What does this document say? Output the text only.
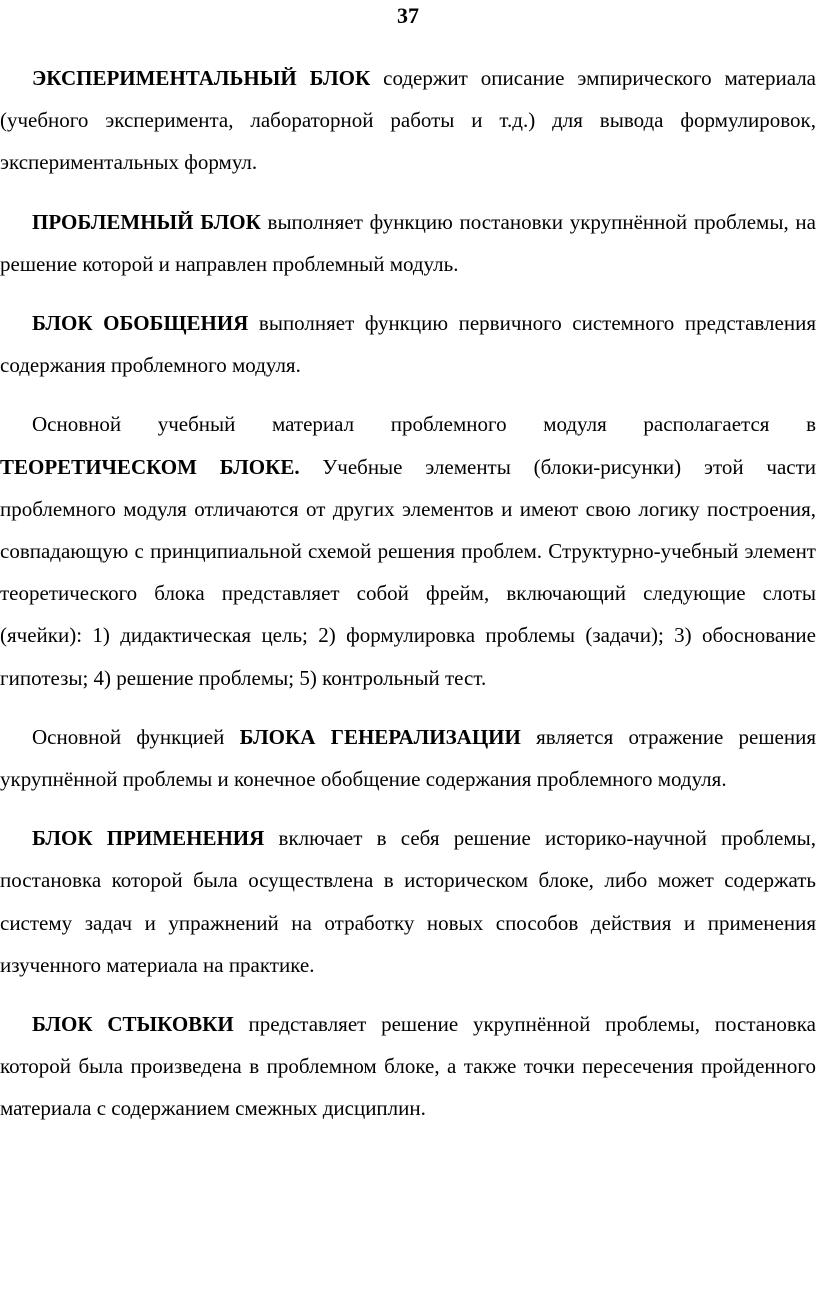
37

ЭКСПЕРИМЕНТАЛЬНЫЙ БЛОК содержит описание эмпирического материала (учебного эксперимента, лабораторной работы и т.д.) для вывода формулировок, экспериментальных формул.

ПРОБЛЕМНЫЙ БЛОК выполняет функцию постановки укрупнённой проблемы, на решение которой и направлен проблемный модуль.

БЛОК ОБОБЩЕНИЯ выполняет функцию первичного системного представления содержания проблемного модуля.

Основной учебный материал проблемного модуля располагается в ТЕОРЕТИЧЕСКОМ БЛОКЕ. Учебные элементы (блоки-рисунки) этой части проблемного модуля отличаются от других элементов и имеют свою логику построения, совпадающую с принципиальной схемой решения проблем. Структурно-учебный элемент теоретического блока представляет собой фрейм, включающий следующие слоты (ячейки): 1) дидактическая цель; 2) формулировка проблемы (задачи); 3) обоснование гипотезы; 4) решение проблемы; 5) контрольный тест.

Основной функцией БЛОКА ГЕНЕРАЛИЗАЦИИ является отражение решения укрупнённой проблемы и конечное обобщение содержания проблемного модуля.

БЛОК ПРИМЕНЕНИЯ включает в себя решение историко-научной проблемы, постановка которой была осуществлена в историческом блоке, либо может содержать систему задач и упражнений на отработку новых способов действия и применения изученного материала на практике.

БЛОК СТЫКОВКИ представляет решение укрупнённой проблемы, постановка которой была произведена в проблемном блоке, а также точки пересечения пройденного материала с содержанием смежных дисциплин.
